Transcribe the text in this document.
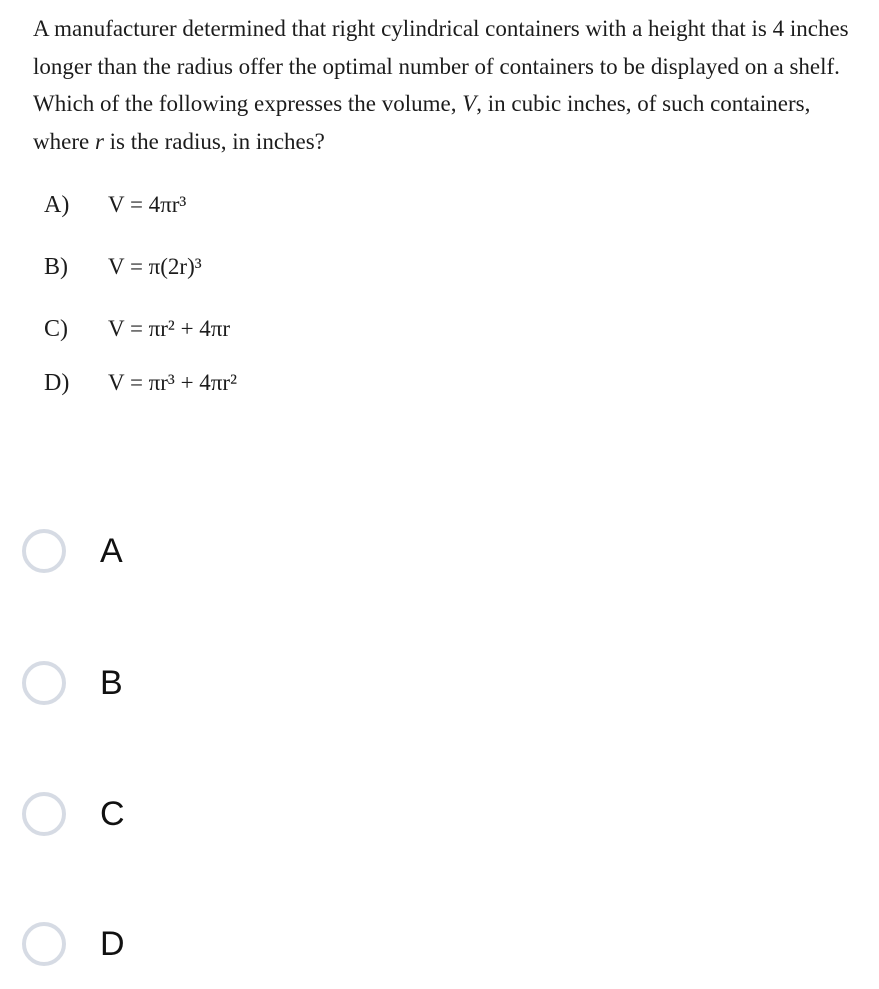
A manufacturer determined that right cylindrical containers with a height that is 4 inches longer than the radius offer the optimal number of containers to be displayed on a shelf. Which of the following expresses the volume, V, in cubic inches, of such containers, where r is the radius, in inches?
A) V = 4πr³
B) V = π(2r)³
C) V = πr² + 4πr
D) V = πr³ + 4πr²
A
B
C
D
